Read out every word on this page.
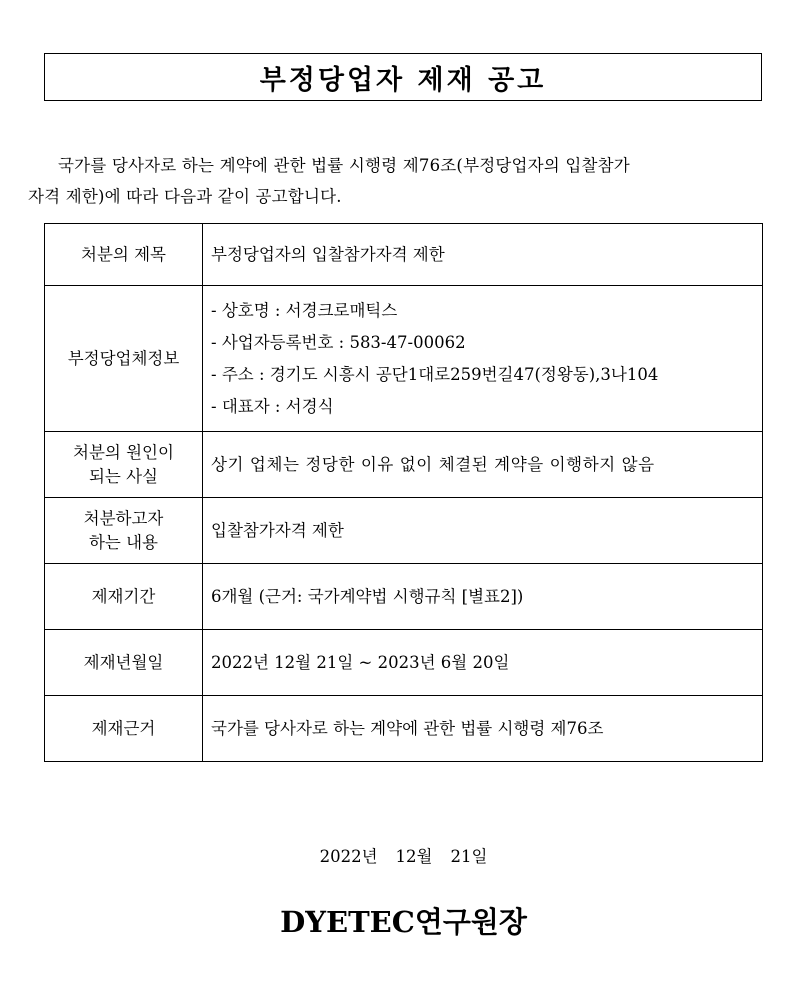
부정당업자 제재 공고
국가를 당사자로 하는 계약에 관한 법률 시행령 제76조(부정당업자의 입찰참가
자격 제한)에 따라 다음과 같이 공고합니다.
처분의 제목	부정당업자의 입찰참가자격 제한

부정당업체정보	- 상호명 : 서경크로매틱스
- 사업자등록번호 : 583-47-00062
- 주소 : 경기도 시흥시 공단1대로259번길47(정왕동),3나104
- 대표자 : 서경식

처분의 원인이
되는 사실	상기 업체는 정당한 이유 없이 체결된 계약을 이행하지 않음

처분하고자
하는 내용	입찰참가자격 제한

제재기간	6개월 (근거: 국가계약법 시행규칙 [별표2])

제재년월일	2022년 12월 21일 ~ 2023년 6월 20일

제재근거	국가를 당사자로 하는 계약에 관한 법률 시행령 제76조
2022년 12월 21일
DYETEC연구원장
